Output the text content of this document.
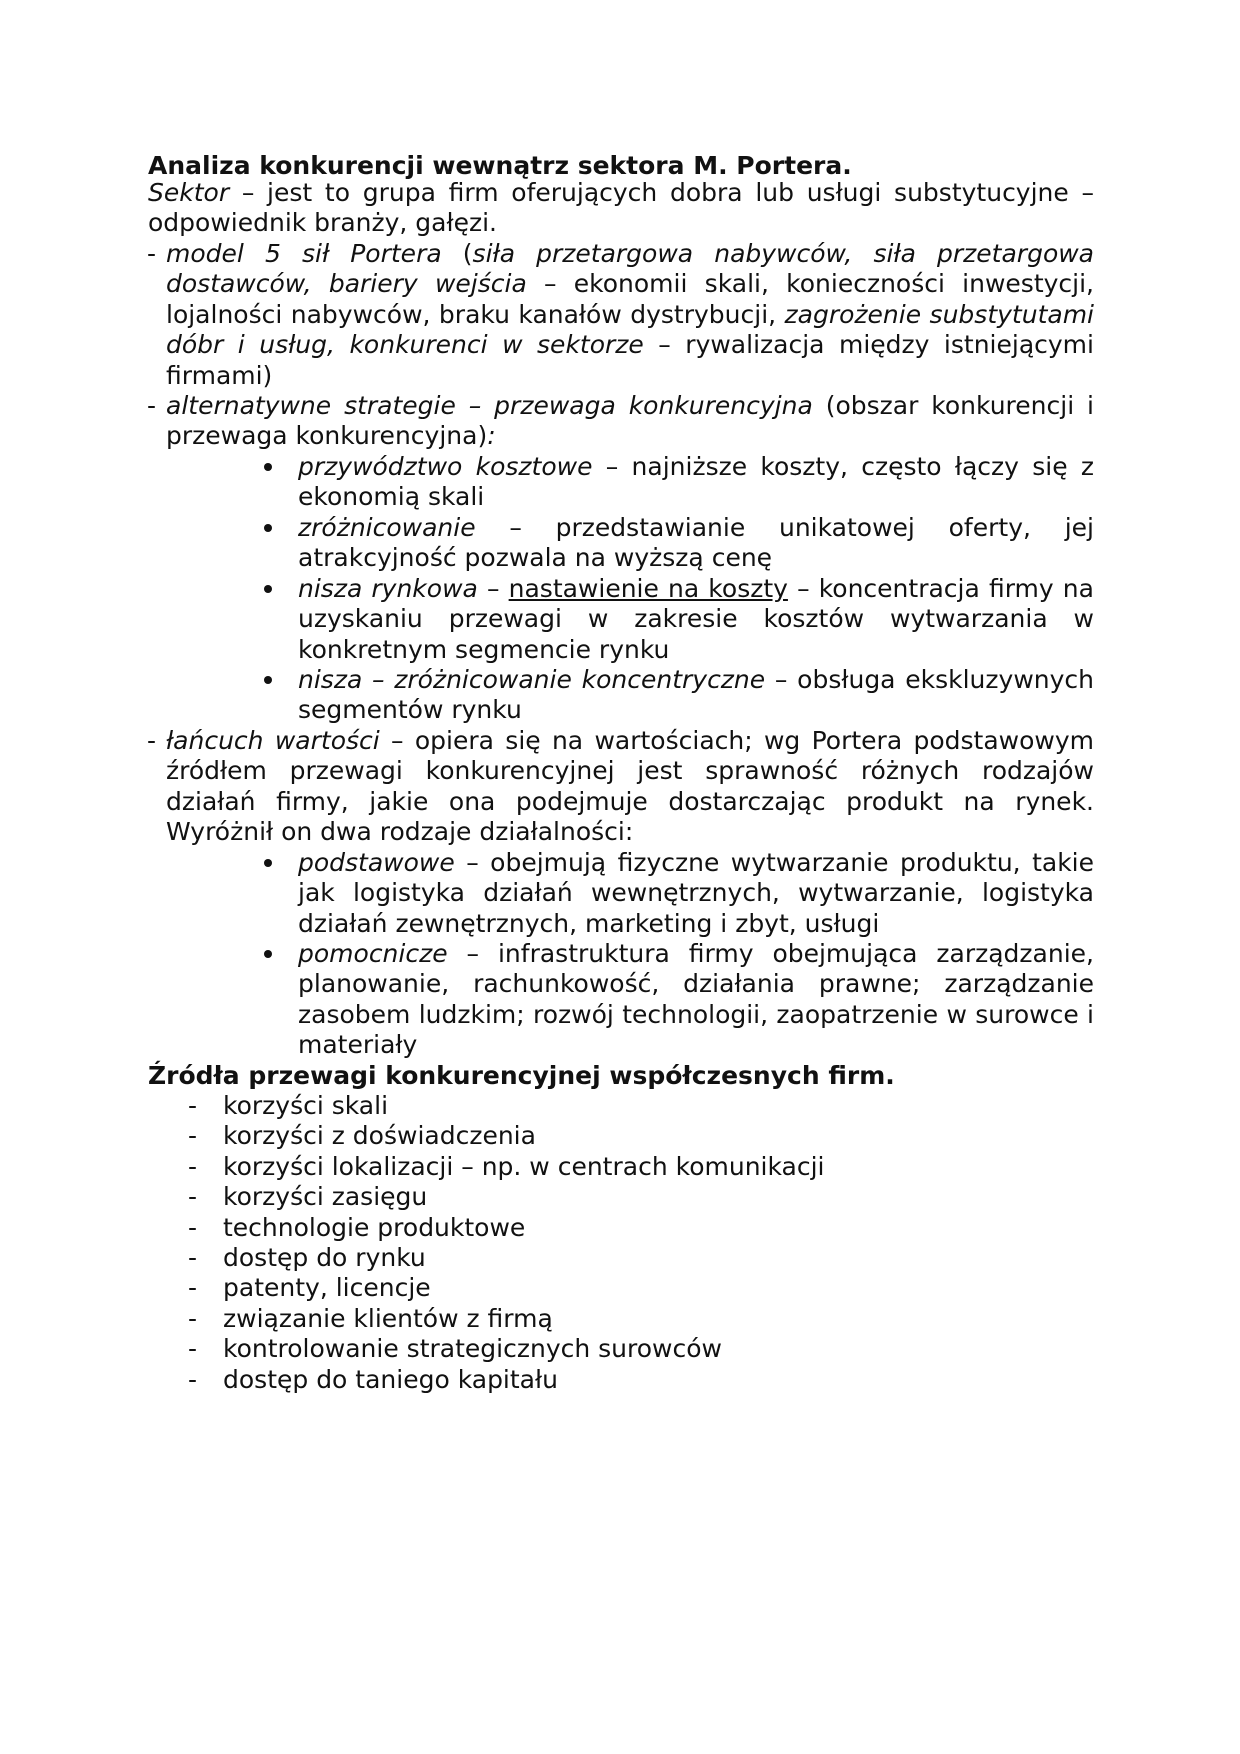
Analiza konkurencji wewnątrz sektora M. Portera.

Sektor – jest to grupa firm oferujących dobra lub usługi substytucyjne – odpowiednik branży, gałęzi.

- model 5 sił Portera (siła przetargowa nabywców, siła przetargowa dostawców, bariery wejścia – ekonomii skali, konieczności inwestycji, lojalności nabywców, braku kanałów dystrybucji, zagrożenie substytutami dóbr i usług, konkurenci w sektorze – rywalizacja między istniejącymi firmami)
- alternatywne strategie – przewaga konkurencyjna (obszar konkurencji i przewaga konkurencyjna):
przywództwo kosztowe – najniższe koszty, często łączy się z ekonomią skali
zróżnicowanie – przedstawianie unikatowej oferty, jej atrakcyjność pozwala na wyższą cenę
nisza rynkowa – nastawienie na koszty – koncentracja firmy na uzyskaniu przewagi w zakresie kosztów wytwarzania w konkretnym segmencie rynku
nisza – zróżnicowanie koncentryczne – obsługa ekskluzywnych segmentów rynku
- łańcuch wartości – opiera się na wartościach; wg Portera podstawowym źródłem przewagi konkurencyjnej jest sprawność różnych rodzajów działań firmy, jakie ona podejmuje dostarczając produkt na rynek. Wyróżnił on dwa rodzaje działalności:
podstawowe – obejmują fizyczne wytwarzanie produktu, takie jak logistyka działań wewnętrznych, wytwarzanie, logistyka działań zewnętrznych, marketing i zbyt, usługi
pomocnicze – infrastruktura firmy obejmująca zarządzanie, planowanie, rachunkowość, działania prawne; zarządzanie zasobem ludzkim; rozwój technologii, zaopatrzenie w surowce i materiały
Źródła przewagi konkurencyjnej współczesnych firm.
- korzyści skali
- korzyści z doświadczenia
- korzyści lokalizacji – np. w centrach komunikacji
- korzyści zasięgu
- technologie produktowe
- dostęp do rynku
- patenty, licencje
- związanie klientów z firmą
- kontrolowanie strategicznych surowców
- dostęp do taniego kapitału
